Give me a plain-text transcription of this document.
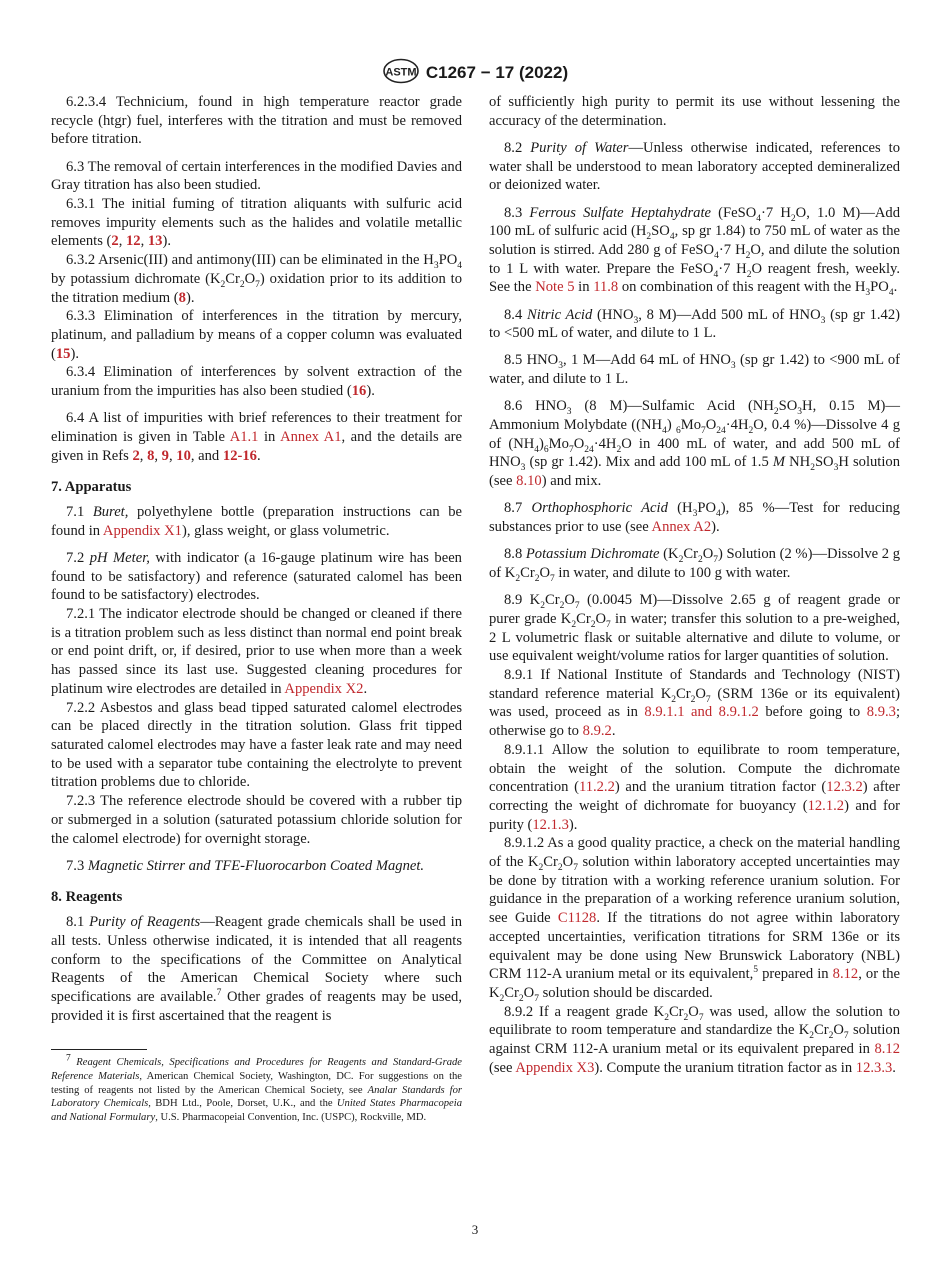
ASTM C1267 − 17 (2022)

6.2.3.4 Technicium, found in high temperature reactor grade recycle (htgr) fuel, interferes with the titration and must be removed before titration.

6.3 The removal of certain interferences in the modified Davies and Gray titration has also been studied.

6.3.1 The initial fuming of titration aliquants with sulfuric acid removes impurity elements such as the halides and volatile metallic elements (2, 12, 13).

6.3.2 Arsenic(III) and antimony(III) can be eliminated in the $H_3PO_4$ by potassium dichromate $(K_2Cr_2O_7)$ oxidation prior to its addition to the titration medium (8).

6.3.3 Elimination of interferences in the titration by mercury, platinum, and palladium by means of a copper column was evaluated (15).

6.3.4 Elimination of interferences by solvent extraction of the uranium from the impurities has also been studied (16).

6.4 A list of impurities with brief references to their treatment for elimination is given in Table A1.1 in Annex A1, and the details are given in Refs 2, 8, 9, 10, and 12-16.

7. Apparatus

7.1 Buret, polyethylene bottle (preparation instructions can be found in Appendix X1), glass weight, or glass volumetric.

7.2 pH Meter, with indicator (a 16-gauge platinum wire has been found to be satisfactory) and reference (saturated calomel has been found to be satisfactory) electrodes.

7.2.1 The indicator electrode should be changed or cleaned if there is a titration problem such as less distinct than normal end point break or end point drift, or, if desired, prior to use when more than a week has passed since its last use. Suggested cleaning procedures for platinum wire electrodes are detailed in Appendix X2.

7.2.2 Asbestos and glass bead tipped saturated calomel electrodes can be placed directly in the titration solution. Glass frit tipped saturated calomel electrodes may have a faster leak rate and may need to be used with a separator tube containing the electrolyte to prevent titration problems due to chloride.

7.2.3 The reference electrode should be covered with a rubber tip or submerged in a solution (saturated potassium chloride solution for the calomel electrode) for overnight storage.

7.3 Magnetic Stirrer and TFE-Fluorocarbon Coated Magnet.

8. Reagents

8.1 Purity of Reagents—Reagent grade chemicals shall be used in all tests. Unless otherwise indicated, it is intended that all reagents conform to the specifications of the Committee on Analytical Reagents of the American Chemical Society where such specifications are available.$^7$ Other grades of reagents may be used, provided it is first ascertained that the reagent is

$^7$ Reagent Chemicals, Specifications and Procedures for Reagents and Standard-Grade Reference Materials, American Chemical Society, Washington, DC. For suggestions on the testing of reagents not listed by the American Chemical Society, see Analar Standards for Laboratory Chemicals, BDH Ltd., Poole, Dorset, U.K., and the United States Pharmacopeia and National Formulary, U.S. Pharmacopeial Convention, Inc. (USPC), Rockville, MD.

of sufficiently high purity to permit its use without lessening the accuracy of the determination.

8.2 Purity of Water—Unless otherwise indicated, references to water shall be understood to mean laboratory accepted demineralized or deionized water.

8.3 Ferrous Sulfate Heptahydrate (FeSO$_4$·7 $H_2O$, 1.0 M)—Add 100 mL of sulfuric acid ($H_2SO_4$, sp gr 1.84) to 750 mL of water as the solution is stirred. Add 280 g of FeSO$_4$·7 $H_2O$, and dilute the solution to 1 L with water. Prepare the FeSO$_4$·7 $H_2O$ reagent fresh, weekly. See the Note 5 in 11.8 on combination of this reagent with the $H_3PO_4$.

8.4 Nitric Acid ($HNO_3$, 8 M)—Add 500 mL of $HNO_3$ (sp gr 1.42) to <500 mL of water, and dilute to 1 L.

8.5 $HNO_3$, 1 M—Add 64 mL of $HNO_3$ (sp gr 1.42) to <900 mL of water, and dilute to 1 L.

8.6 $HNO_3$ (8 M)—Sulfamic Acid ($NH_2SO_3H$, 0.15 M)—Ammonium Molybdate ($(NH_4)$ $_6Mo_7O_{24}\cdot 4H_2O$, 0.4 %)—Dissolve 4 g of $(NH_4)_6Mo_7O_{24}\cdot 4H_2O$ in 400 mL of water, and add 500 mL of $HNO_3$ (sp gr 1.42). Mix and add 100 mL of 1.5 M $NH_2SO_3H$ solution (see 8.10) and mix.

8.7 Orthophosphoric Acid $(H_3PO_4)$, 85 %—Test for reducing substances prior to use (see Annex A2).

8.8 Potassium Dichromate $(K_2Cr_2O_7)$ Solution (2 %)—Dissolve 2 g of $K_2Cr_2O_7$ in water, and dilute to 100 g with water.

8.9 $K_2Cr_2O_7$ (0.0045 M)—Dissolve 2.65 g of reagent grade or purer grade $K_2Cr_2O_7$ in water; transfer this solution to a pre-weighed, 2 L volumetric flask or suitable alternative and dilute to volume, or use equivalent weight/volume ratios for larger quantities of solution.

8.9.1 If National Institute of Standards and Technology (NIST) standard reference material $K_2Cr_2O_7$ (SRM 136e or its equivalent) was used, proceed as in 8.9.1.1 and 8.9.1.2 before going to 8.9.3; otherwise go to 8.9.2.

8.9.1.1 Allow the solution to equilibrate to room temperature, obtain the weight of the solution. Compute the dichromate concentration (11.2.2) and the uranium titration factor (12.3.2) after correcting the weight of dichromate for buoyancy (12.1.2) and for purity (12.1.3).

8.9.1.2 As a good quality practice, a check on the material handling of the $K_2Cr_2O_7$ solution within laboratory accepted uncertainties may be done by titration with a working reference uranium solution. For guidance in the preparation of a working reference uranium solution, see Guide C1128. If the titrations do not agree within laboratory accepted uncertainties, verification titrations for SRM 136e or its equivalent may be done using New Brunswick Laboratory (NBL) CRM 112-A uranium metal or its equivalent,$^5$ prepared in 8.12, or the $K_2Cr_2O_7$ solution should be discarded.

8.9.2 If a reagent grade $K_2Cr_2O_7$ was used, allow the solution to equilibrate to room temperature and standardize the $K_2Cr_2O_7$ solution against CRM 112-A uranium metal or its equivalent prepared in 8.12 (see Appendix X3). Compute the uranium titration factor as in 12.3.3.

3
